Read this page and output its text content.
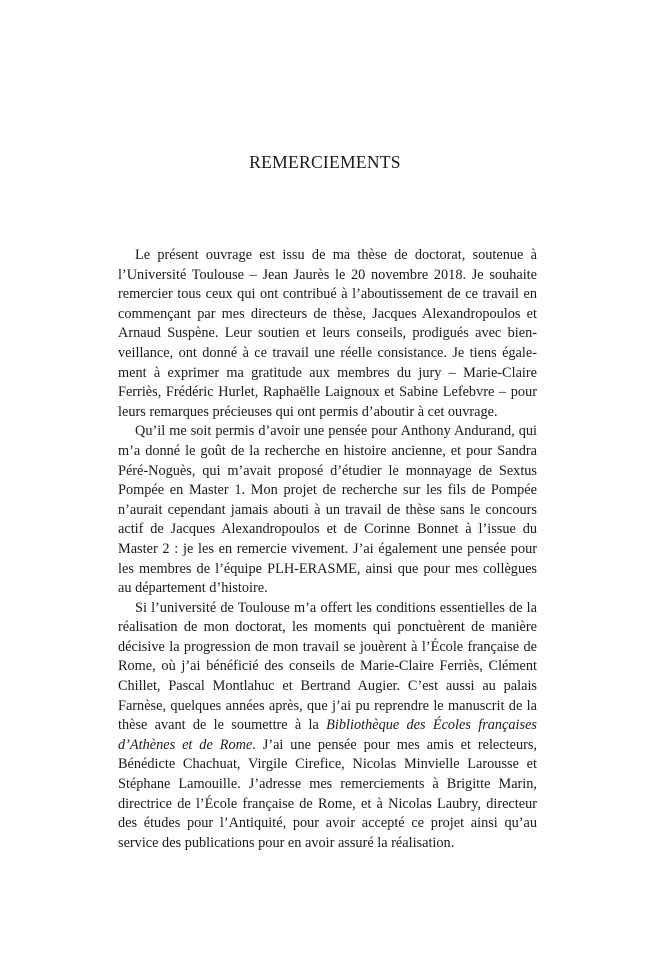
REMERCIEMENTS

Le présent ouvrage est issu de ma thèse de doctorat, soutenue à l’Université Toulouse – Jean Jaurès le 20 novembre 2018. Je souhaite remercier tous ceux qui ont contribué à l’aboutissement de ce travail en commençant par mes directeurs de thèse, Jacques Alexandropoulos et Arnaud Suspène. Leur soutien et leurs conseils, prodigués avec bienveillance, ont donné à ce travail une réelle consistance. Je tiens également à exprimer ma gratitude aux membres du jury – Marie-Claire Ferriès, Frédéric Hurlet, Raphaëlle Laignoux et Sabine Lefebvre – pour leurs remarques précieuses qui ont permis d’aboutir à cet ouvrage.

Qu’il me soit permis d’avoir une pensée pour Anthony Andurand, qui m’a donné le goût de la recherche en histoire ancienne, et pour Sandra Péré-Noguès, qui m’avait proposé d’étudier le monnayage de Sextus Pompée en Master 1. Mon projet de recherche sur les fils de Pompée n’aurait cependant jamais abouti à un travail de thèse sans le concours actif de Jacques Alexandropoulos et de Corinne Bonnet à l’issue du Master 2 : je les en remercie vivement. J’ai également une pensée pour les membres de l’équipe PLH-ERASME, ainsi que pour mes collègues au département d’histoire.

Si l’université de Toulouse m’a offert les conditions essentielles de la réalisation de mon doctorat, les moments qui ponctuèrent de manière décisive la progression de mon travail se jouèrent à l’École française de Rome, où j’ai bénéficié des conseils de Marie-Claire Ferriès, Clément Chillet, Pascal Montlahuc et Bertrand Augier. C’est aussi au palais Farnèse, quelques années après, que j’ai pu reprendre le manuscrit de la thèse avant de le soumettre à la Bibliothèque des Écoles françaises d’Athènes et de Rome. J’ai une pensée pour mes amis et relecteurs, Bénédicte Chachuat, Virgile Cirefice, Nicolas Minvielle Larousse et Stéphane Lamouille. J’adresse mes remerciements à Brigitte Marin, directrice de l’École française de Rome, et à Nicolas Laubry, directeur des études pour l’Antiquité, pour avoir accepté ce projet ainsi qu’au service des publications pour en avoir assuré la réalisation.
